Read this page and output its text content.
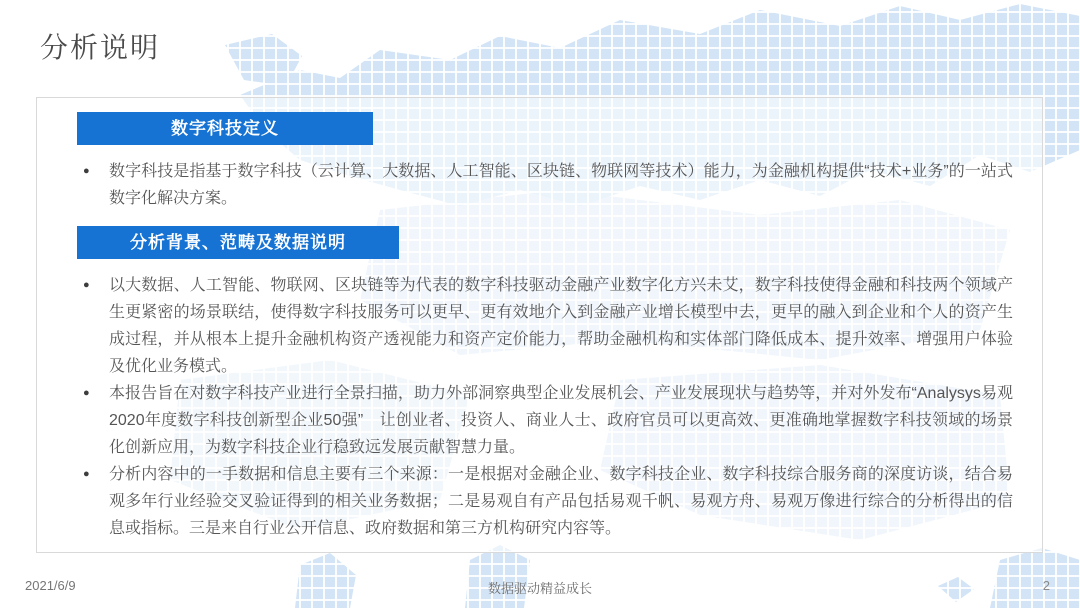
分析说明
数字科技定义
● 数字科技是指基于数字科技（云计算、大数据、人工智能、区块链、物联网等技术）能力，为金融机构提供“技术+业务”的一站式数字化解决方案。
分析背景、范畴及数据说明
● 以大数据、人工智能、物联网、区块链等为代表的数字科技驱动金融产业数字化方兴未艾，数字科技使得金融和科技两个领域产生更紧密的场景联结，使得数字科技服务可以更早、更有效地介入到金融产业增长模型中去，更早的融入到企业和个人的资产生成过程，并从根本上提升金融机构资产透视能力和资产定价能力，帮助金融机构和实体部门降低成本、提升效率、增强用户体验及优化业务模式。
● 本报告旨在对数字科技产业进行全景扫描，助力外部洞察典型企业发展机会、产业发展现状与趋势等，并对外发布“Analysys易观2020年度数字科技创新型企业50强”　让创业者、投资人、商业人士、政府官员可以更高效、更准确地掌握数字科技领域的场景化创新应用，为数字科技企业行稳致远发展贡献智慧力量。
● 分析内容中的一手数据和信息主要有三个来源：一是根据对金融企业、数字科技企业、数字科技综合服务商的深度访谈，结合易观多年行业经验交叉验证得到的相关业务数据；二是易观自有产品包括易观千帆、易观方舟、易观万像进行综合的分析得出的信息或指标。三是来自行业公开信息、政府数据和第三方机构研究内容等。
2021/6/9	数据驱动精益成长	2
